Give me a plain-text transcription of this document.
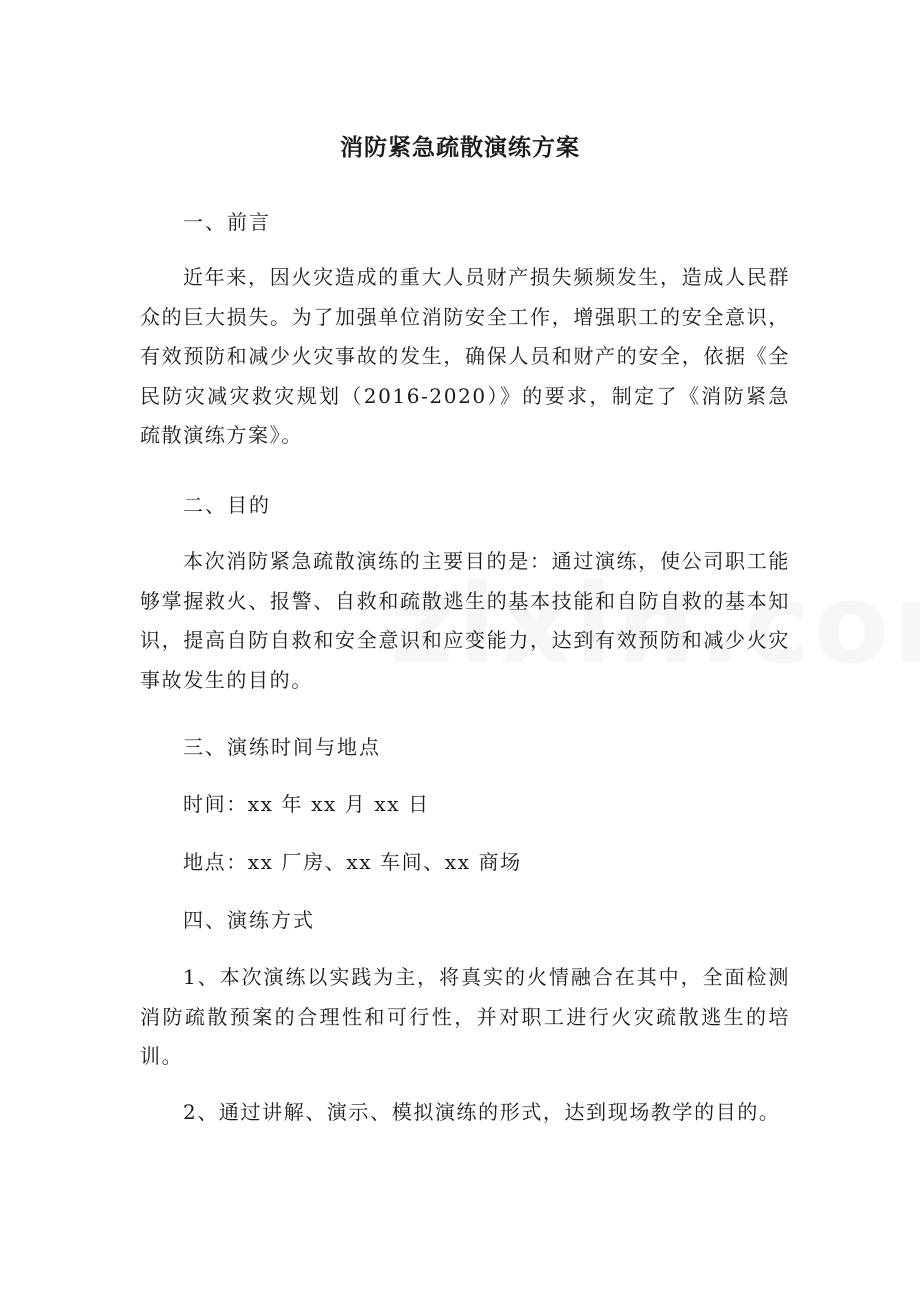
消防紧急疏散演练方案
一、前言
近年来，因火灾造成的重大人员财产损失频频发生，造成人民群众的巨大损失。为了加强单位消防安全工作，增强职工的安全意识，有效预防和减少火灾事故的发生，确保人员和财产的安全，依据《全民防灾减灾救灾规划（2016-2020）》的要求，制定了《消防紧急疏散演练方案》。
二、目的
本次消防紧急疏散演练的主要目的是：通过演练，使公司职工能够掌握救火、报警、自救和疏散逃生的基本技能和自防自救的基本知识，提高自防自救和安全意识和应变能力，达到有效预防和减少火灾事故发生的目的。
三、演练时间与地点
时间：xx 年 xx 月 xx 日
地点：xx 厂房、xx 车间、xx 商场
四、演练方式
1、本次演练以实践为主，将真实的火情融合在其中，全面检测消防疏散预案的合理性和可行性，并对职工进行火灾疏散逃生的培训。
2、通过讲解、演示、模拟演练的形式，达到现场教学的目的。
